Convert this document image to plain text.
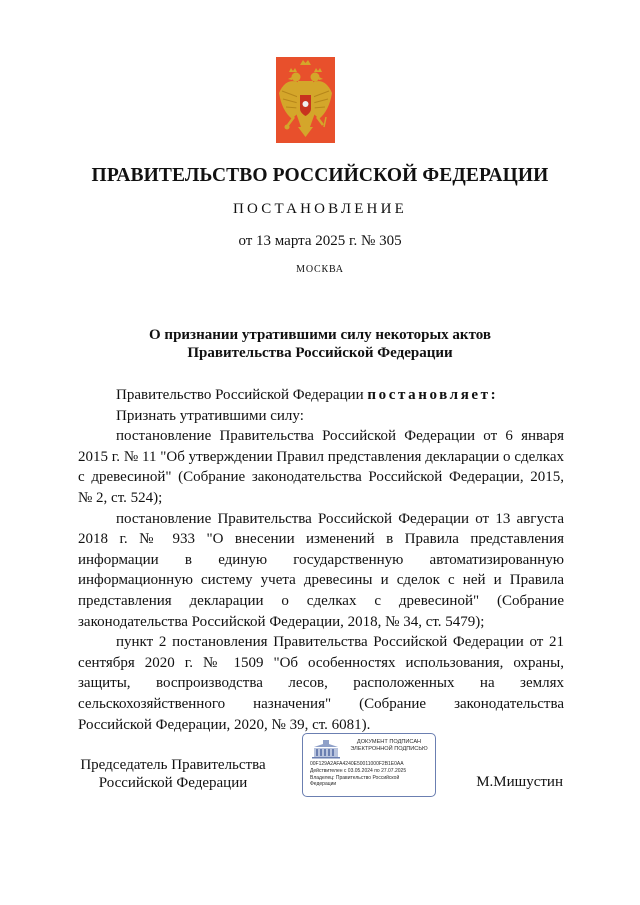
ПРАВИТЕЛЬСТВО РОССИЙСКОЙ ФЕДЕРАЦИИ
ПОСТАНОВЛЕНИЕ
от 13 марта 2025 г. № 305
МОСКВА
О признании утратившими силу некоторых актов
Правительства Российской Федерации

Правительство Российской Федерации постановляет:

Признать утратившими силу:

постановление Правительства Российской Федерации от 6 января 2015 г. № 11 "Об утверждении Правил представления декларации о сделках с древесиной" (Собрание законодательства Российской Федерации, 2015, № 2, ст. 524);

постановление Правительства Российской Федерации от 13 августа 2018 г. № 933 "О внесении изменений в Правила представления информации в единую государственную автоматизированную информационную систему учета древесины и сделок с ней и Правила представления декларации о сделках с древесиной" (Собрание законодательства Российской Федерации, 2018, № 34, ст. 5479);

пункт 2 постановления Правительства Российской Федерации от 21 сентября 2020 г. № 1509 "Об особенностях использования, охраны, защиты, воспроизводства лесов, расположенных на землях сельскохозяйственного назначения" (Собрание законодательства Российской Федерации, 2020, № 39, ст. 6081).

Председатель Правительства
Российской Федерации
ДОКУМЕНТ ПОДПИСАН
ЭЛЕКТРОННОЙ ПОДПИСЬЮ
00F129A2AFA4240E50011000F2B1E0AA
Действителен с 03.05.2024 по 27.07.2025
Владелец: Правительство Российской
Федерации	М.Мишустин
